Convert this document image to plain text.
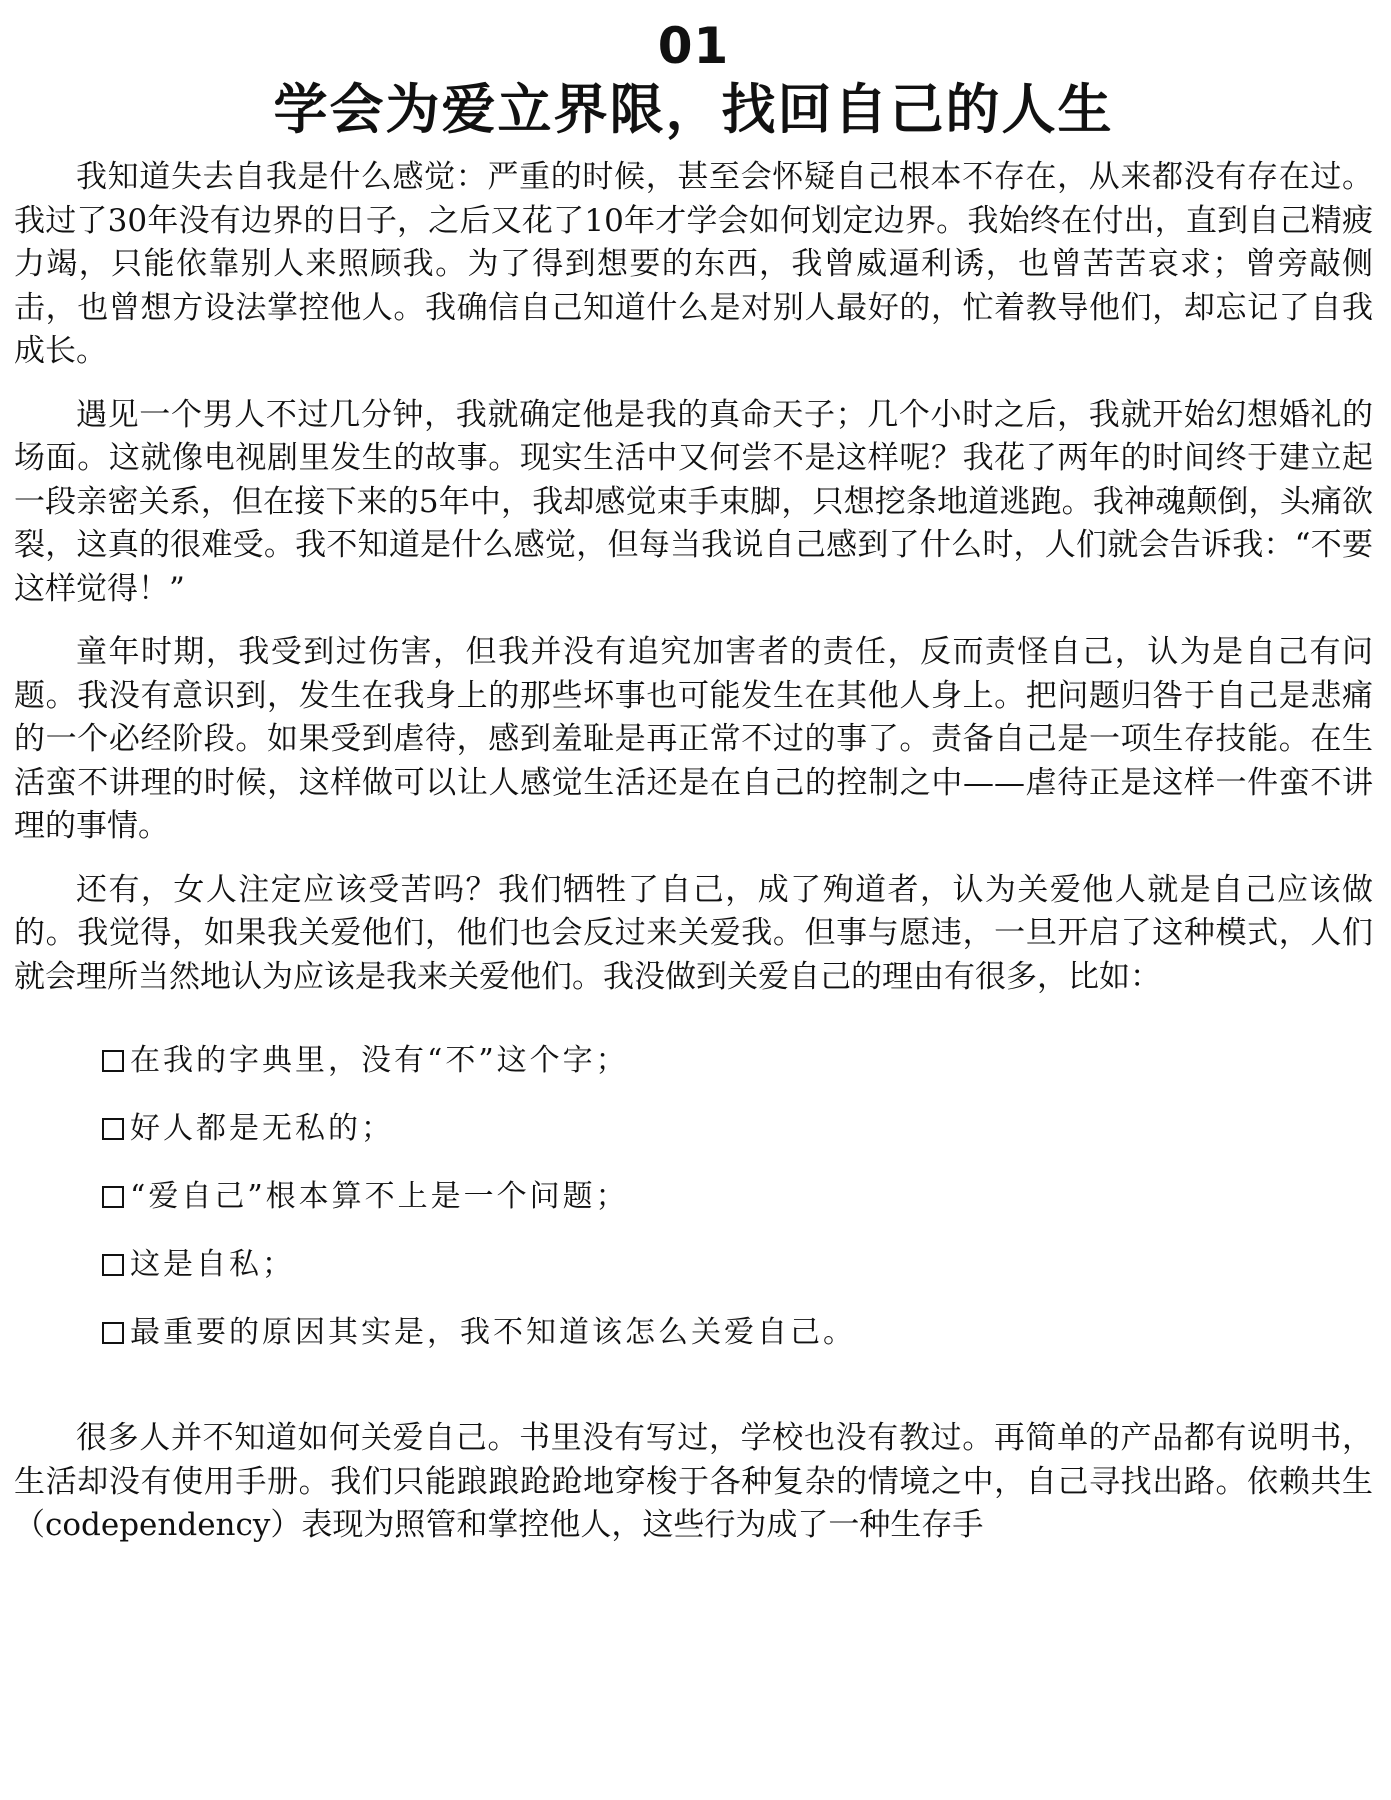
01
学会为爱立界限，找回自己的人生

我知道失去自我是什么感觉：严重的时候，甚至会怀疑自己根本不存在，从来都没有存在过。我过了30年没有边界的日子，之后又花了10年才学会如何划定边界。我始终在付出，直到自己精疲力竭，只能依靠别人来照顾我。为了得到想要的东西，我曾威逼利诱，也曾苦苦哀求；曾旁敲侧击，也曾想方设法掌控他人。我确信自己知道什么是对别人最好的，忙着教导他们，却忘记了自我成长。

遇见一个男人不过几分钟，我就确定他是我的真命天子；几个小时之后，我就开始幻想婚礼的场面。这就像电视剧里发生的故事。现实生活中又何尝不是这样呢？我花了两年的时间终于建立起一段亲密关系，但在接下来的5年中，我却感觉束手束脚，只想挖条地道逃跑。我神魂颠倒，头痛欲裂，这真的很难受。我不知道是什么感觉，但每当我说自己感到了什么时，人们就会告诉我：“不要这样觉得！”

童年时期，我受到过伤害，但我并没有追究加害者的责任，反而责怪自己，认为是自己有问题。我没有意识到，发生在我身上的那些坏事也可能发生在其他人身上。把问题归咎于自己是悲痛的一个必经阶段。如果受到虐待，感到羞耻是再正常不过的事了。责备自己是一项生存技能。在生活蛮不讲理的时候，这样做可以让人感觉生活还是在自己的控制之中——虐待正是这样一件蛮不讲理的事情。

还有，女人注定应该受苦吗？我们牺牲了自己，成了殉道者，认为关爱他人就是自己应该做的。我觉得，如果我关爱他们，他们也会反过来关爱我。但事与愿违，一旦开启了这种模式，人们就会理所当然地认为应该是我来关爱他们。我没做到关爱自己的理由有很多，比如：

在我的字典里，没有“不”这个字；
好人都是无私的；
“爱自己”根本算不上是一个问题；
这是自私；
最重要的原因其实是，我不知道该怎么关爱自己。

很多人并不知道如何关爱自己。书里没有写过，学校也没有教过。再简单的产品都有说明书，生活却没有使用手册。我们只能踉踉跄跄地穿梭于各种复杂的情境之中，自己寻找出路。依赖共生（codependency）表现为照管和掌控他人，这些行为成了一种生存手
